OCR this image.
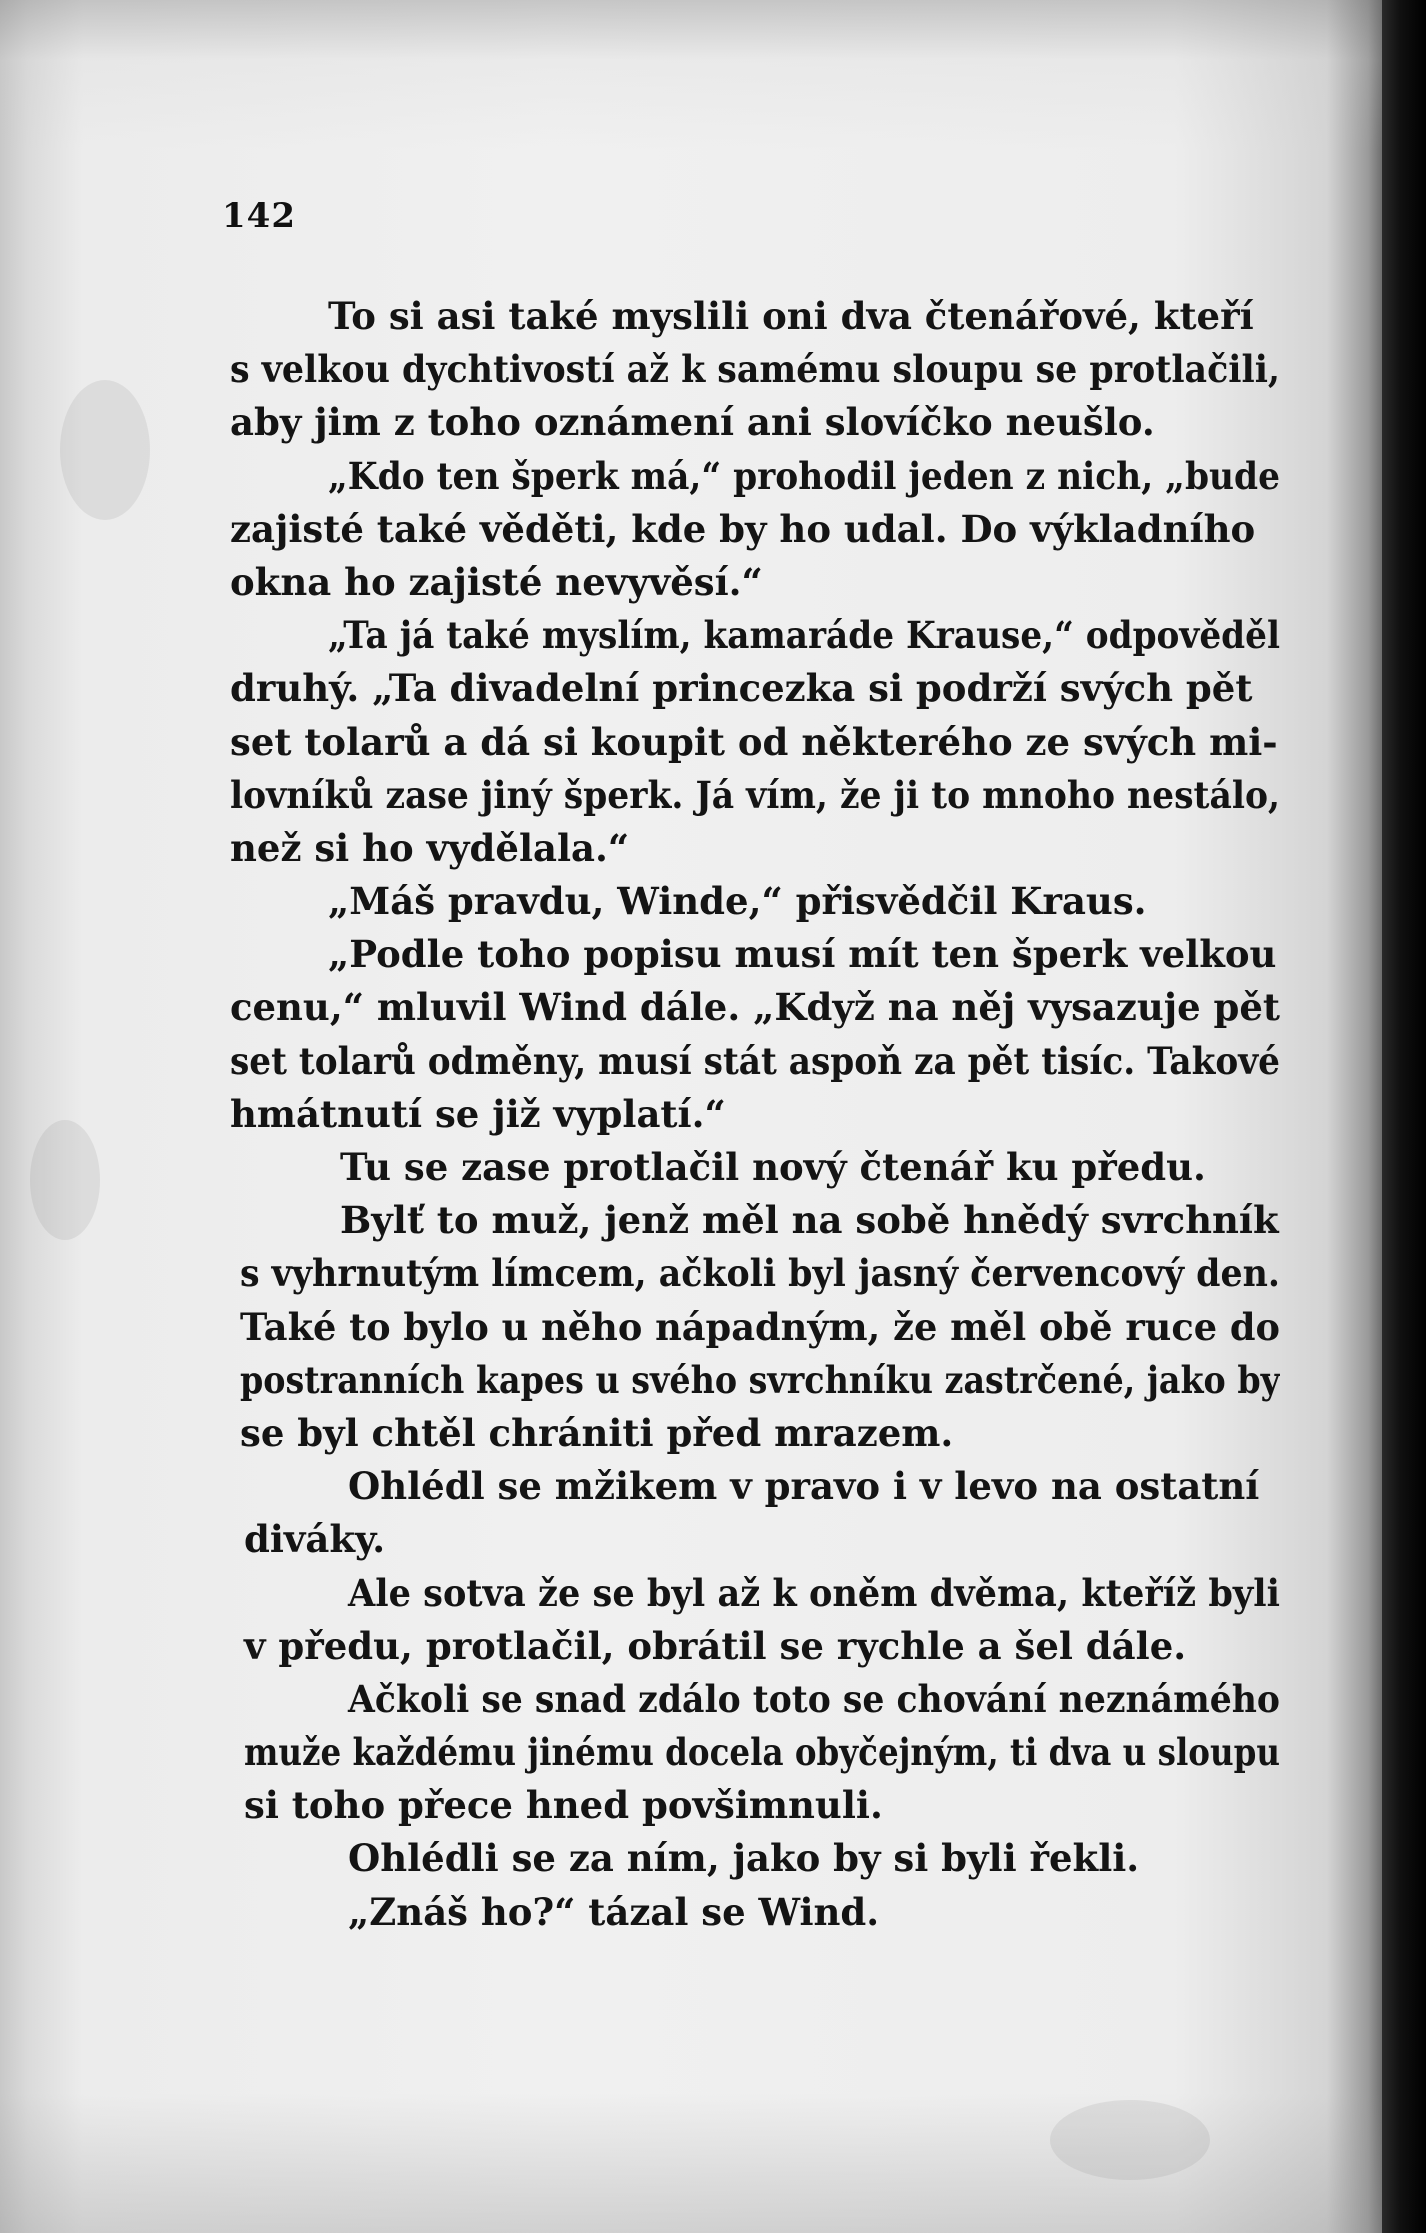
142
To si asi také myslili oni dva čtenářové, kteří
s velkou dychtivostí až k samému sloupu se protlačili,
aby jim z toho oznámení ani slovíčko neušlo.
„Kdo ten šperk má,“ prohodil jeden z nich, „bude
zajisté také věděti, kde by ho udal. Do výkladního
okna ho zajisté nevyvěsí.“
„Ta já také myslím, kamaráde Krause,“ odpověděl
druhý. „Ta divadelní princezka si podrží svých pět
set tolarů a dá si koupit od některého ze svých mi-
lovníků zase jiný šperk. Já vím, že ji to mnoho nestálo,
než si ho vydělala.“
„Máš pravdu, Winde,“ přisvědčil Kraus.
„Podle toho popisu musí mít ten šperk velkou
cenu,“ mluvil Wind dále. „Když na něj vysazuje pět
set tolarů odměny, musí stát aspoň za pět tisíc. Takové
hmátnutí se již vyplatí.“
Tu se zase protlačil nový čtenář ku předu.
Bylť to muž, jenž měl na sobě hnědý svrchník
s vyhrnutým límcem, ačkoli byl jasný červencový den.
Také to bylo u něho nápadným, že měl obě ruce do
postranních kapes u svého svrchníku zastrčené, jako by
se byl chtěl chrániti před mrazem.
Ohlédl se mžikem v pravo i v levo na ostatní
diváky.
Ale sotva že se byl až k oněm dvěma, kteříž byli
v předu, protlačil, obrátil se rychle a šel dále.
Ačkoli se snad zdálo toto se chování neznámého
muže každému jinému docela obyčejným, ti dva u sloupu
si toho přece hned povšimnuli.
Ohlédli se za ním, jako by si byli řekli.
„Znáš ho?“ tázal se Wind.
